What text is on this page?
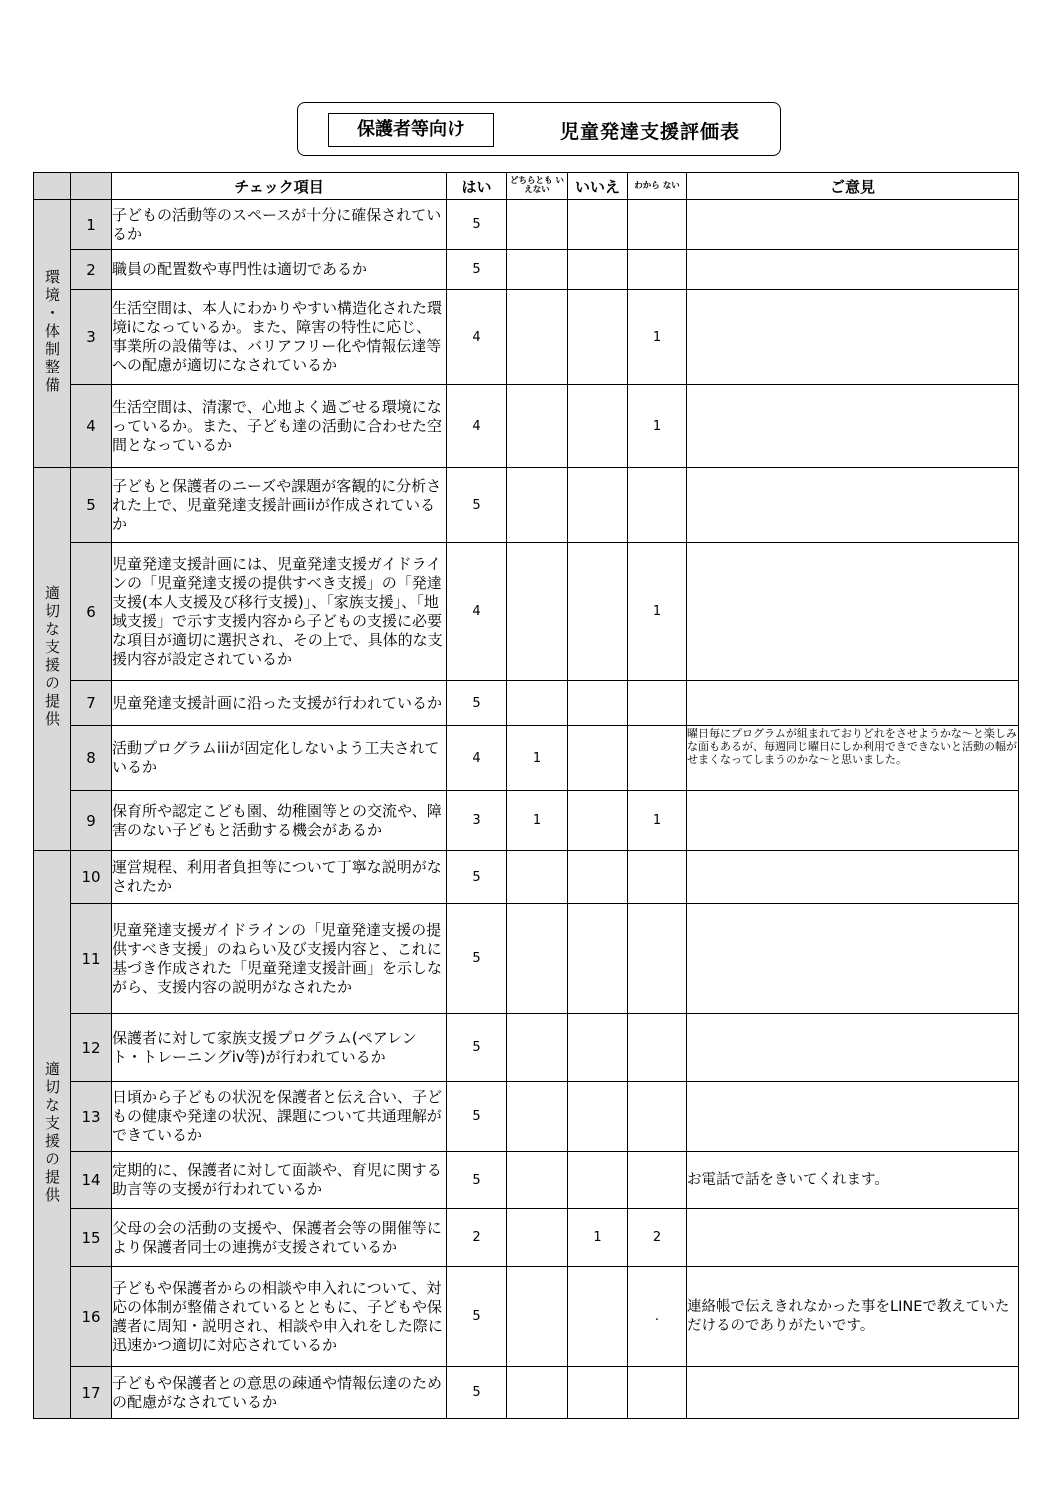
保護者等向け	児童発達支援評価表
		チェック項目	はい	どちらとも いえない	いいえ	わから ない	ご意見
環境・体制整備	1	子どもの活動等のスペースが十分に確保されているか	5				
	2	職員の配置数や専門性は適切であるか	5				
	3	生活空間は、本人にわかりやすい構造化された環境iになっているか。また、障害の特性に応じ、事業所の設備等は、バリアフリー化や情報伝達等への配慮が適切になされているか	4			1	
	4	生活空間は、清潔で、心地よく過ごせる環境になっているか。また、子ども達の活動に合わせた空間となっているか	4			1	
適切な支援の提供	5	子どもと保護者のニーズや課題が客観的に分析された上で、児童発達支援計画iiが作成されているか	5				
	6	児童発達支援計画には、児童発達支援ガイドラインの「児童発達支援の提供すべき支援」の「発達支援(本人支援及び移行支援)」、「家族支援」、「地域支援」で示す支援内容から子どもの支援に必要な項目が適切に選択され、その上で、具体的な支援内容が設定されているか	4			1	
	7	児童発達支援計画に沿った支援が行われているか	5				
	8	活動プログラムiiiが固定化しないよう工夫されているか	4	1			曜日毎にプログラムが組まれておりどれをさせようかな〜と楽しみな面もあるが、毎週同じ曜日にしか利用できできないと活動の幅がせまくなってしまうのかな〜と思いました。
	9	保育所や認定こども園、幼稚園等との交流や、障害のない子どもと活動する機会があるか	3	1		1	
適切な支援の提供	10	運営規程、利用者負担等について丁寧な説明がなされたか	5				
	11	児童発達支援ガイドラインの「児童発達支援の提供すべき支援」のねらい及び支援内容と、これに基づき作成された「児童発達支援計画」を示しながら、支援内容の説明がなされたか	5				
	12	保護者に対して家族支援プログラム(ペアレント・トレーニングiv等)が行われているか	5				
	13	日頃から子どもの状況を保護者と伝え合い、子どもの健康や発達の状況、課題について共通理解ができているか	5				
	14	定期的に、保護者に対して面談や、育児に関する助言等の支援が行われているか	5				お電話で話をきいてくれます。
	15	父母の会の活動の支援や、保護者会等の開催等により保護者同士の連携が支援されているか	2		1	2	
	16	子どもや保護者からの相談や申入れについて、対応の体制が整備されているとともに、子どもや保護者に周知・説明され、相談や申入れをした際に迅速かつ適切に対応されているか	5			.	連絡帳で伝えきれなかった事をLINEで教えていただけるのでありがたいです。
	17	子どもや保護者との意思の疎通や情報伝達のための配慮がなされているか	5				
